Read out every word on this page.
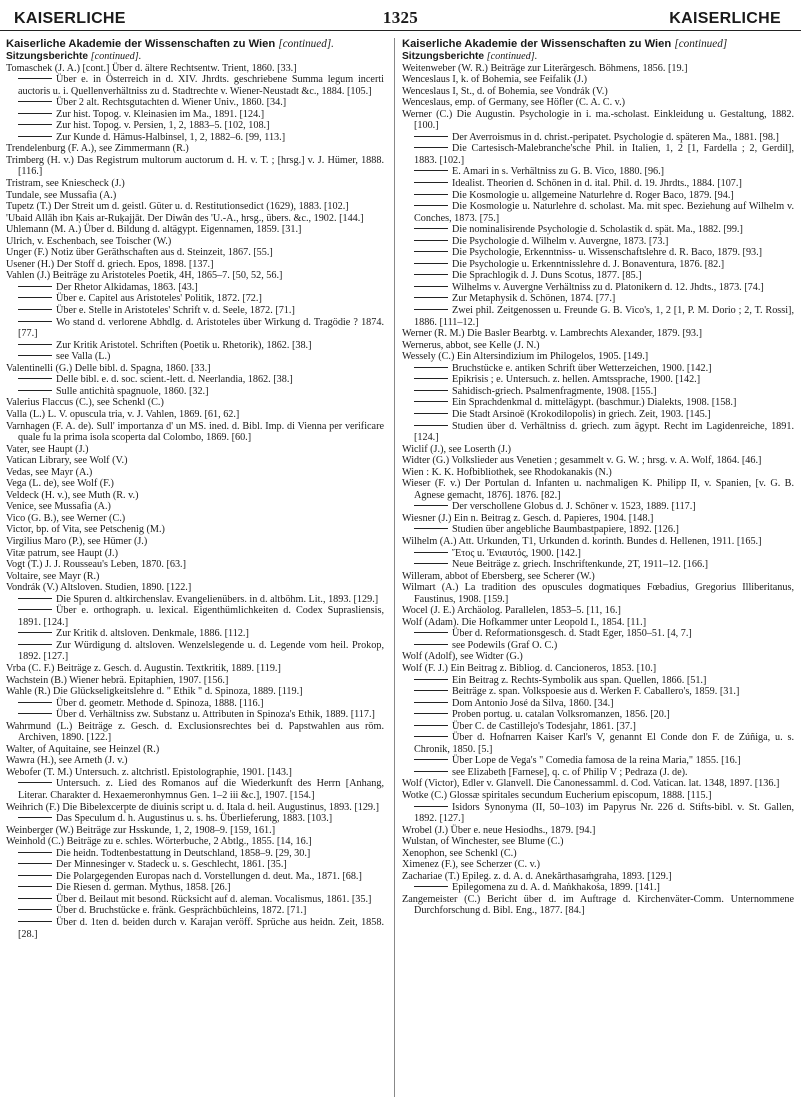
KAISERLICHE	1325	KAISERLICHE
Kaiserliche Akademie der Wissenschaften zu Wien [continued].
Sitzungsberichte [continued].

Tomaschek (J. A.) [cont.] Über d. ältere Rechtsentw. Trient, 1860. [33.]

Über e. in Österreich in d. XIV. Jhrdts. geschriebene Summa legum incerti auctoris u. i. Quellenverhältniss zu d. Stadtrechte v. Wiener-Neustadt &c., 1884. [105.]

Über 2 alt. Rechtsgutachten d. Wiener Univ., 1860. [34.]

Zur hist. Topog. v. Kleinasien im Ma., 1891. [124.]

Zur hist. Topog. v. Persien, 1, 2, 1883–5. [102, 108.]

Zur Kunde d. Hämus-Halbinsel, 1, 2, 1882–6. [99, 113.]

Trendelenburg (F. A.), see Zimmermann (R.)

Trimberg (H. v.) Das Registrum multorum auctorum d. H. v. T. ; [hrsg.] v. J. Hümer, 1888. [116.]

Tristram, see Kniescheck (J.)

Tundale, see Mussafia (A.)

Tupetz (T.) Der Streit um d. geistl. Güter u. d. Restitutionsedict (1629), 1883. [102.]

'Ubaid Allāh ibn Ḳais ar-Ruḳajjāt. Der Diwân des 'U.-A., hrsg., übers. &c., 1902. [144.]

Uhlemann (M. A.) Über d. Bildung d. altägypt. Eigennamen, 1859. [31.]

Ulrich, v. Eschenbach, see Toischer (W.)

Unger (F.) Notiz über Geräthschaften aus d. Steinzeit, 1867. [55.]

Usener (H.) Der Stoff d. griech. Epos, 1898. [137.]

Vahlen (J.) Beiträge zu Aristoteles Poetik, 4H, 1865–7. [50, 52, 56.]

Der Rhetor Alkidamas, 1863. [43.]

Über e. Capitel aus Aristoteles' Politik, 1872. [72.]

Über e. Stelle in Aristoteles' Schrift v. d. Seele, 1872. [71.]

Wo stand d. verlorene Abhdlg. d. Aristoteles über Wirkung d. Tragödie ? 1874. [77.]

Zur Kritik Aristotel. Schriften (Poetik u. Rhetorik), 1862. [38.]

see Valla (L.)

Valentinelli (G.) Delle bibl. d. Spagna, 1860. [33.]

Delle bibl. e. d. soc. scient.-lett. d. Neerlandia, 1862. [38.]

Sulle antichità spagnuole, 1860. [32.]

Valerius Flaccus (C.), see Schenkl (C.)

Valla (L.) L. V. opuscula tria, v. J. Vahlen, 1869. [61, 62.]

Varnhagen (F. A. de). Sull' importanza d' un MS. ined. d. Bibl. Imp. di Vienna per verificare quale fu la prima isola scoperta dal Colombo, 1869. [60.]

Vater, see Haupt (J.)

Vatican Library, see Wolf (V.)

Vedas, see Mayr (A.)

Vega (L. de), see Wolf (F.)

Veldeck (H. v.), see Muth (R. v.)

Venice, see Mussafia (A.)

Vico (G. B.), see Werner (C.)

Victor, bp. of Vita, see Petschenig (M.)

Virgilius Maro (P.), see Hümer (J.)

Vitæ patrum, see Haupt (J.)

Vogt (T.) J. J. Rousseau's Leben, 1870. [63.]

Voltaire, see Mayr (R.)

Vondrák (V.) Altsloven. Studien, 1890. [122.]

Die Spuren d. altkirchenslav. Evangelienübers. in d. altböhm. Lit., 1893. [129.]

Über e. orthograph. u. lexical. Eigenthümlichkeiten d. Codex Suprasliensis, 1891. [124.]

Zur Kritik d. altsloven. Denkmale, 1886. [112.]

Zur Würdigung d. altsloven. Wenzelslegende u. d. Legende vom heil. Prokop, 1892. [127.]

Vrba (C. F.) Beiträge z. Gesch. d. Augustin. Textkritik, 1889. [119.]

Wachstein (B.) Wiener hebrä. Epitaphien, 1907. [156.]

Wahle (R.) Die Glückseligkeitslehre d. " Ethik " d. Spinoza, 1889. [119.]

Über d. geometr. Methode d. Spinoza, 1888. [116.]

Über d. Verhältniss zw. Substanz u. Attributen in Spinoza's Ethik, 1889. [117.]

Wahrmund (L.) Beiträge z. Gesch. d. Exclusionsrechtes bei d. Papstwahlen aus röm. Archiven, 1890. [122.]

Walter, of Aquitaine, see Heinzel (R.)

Wawra (H.), see Arneth (J. v.)

Webofer (T. M.) Untersuch. z. altchristl. Epistolographie, 1901. [143.]

Untersuch. z. Lied des Romanos auf die Wiederkunft des Herrn [Anhang, Literar. Charakter d. Hexaemeronhymnus Gen. 1–2 iii &c.], 1907. [154.]

Weihrich (F.) Die Bibelexcerpte de diuinis script u. d. Itala d. heil. Augustinus, 1893. [129.]

Das Speculum d. h. Augustinus u. s. hs. Überlieferung, 1883. [103.]

Weinberger (W.) Beiträge zur Hsskunde, 1, 2, 1908–9. [159, 161.]

Weinhold (C.) Beiträge zu e. schles. Wörterbuche, 2 Abtlg., 1855. [14, 16.]

Die heidn. Todtenbestattung in Deutschland, 1858–9. [29, 30.]

Der Minnesinger v. Stadeck u. s. Geschlecht, 1861. [35.]

Die Polargegenden Europas nach d. Vorstellungen d. deut. Ma., 1871. [68.]

Die Riesen d. german. Mythus, 1858. [26.]

Über d. Beilaut mit besond. Rücksicht auf d. aleman. Vocalismus, 1861. [35.]

Über d. Bruchstücke e. fränk. Gesprächbüchleins, 1872. [71.]

Über d. 1ten d. beiden durch v. Karajan veröff. Sprüche aus heidn. Zeit, 1858. [28.]

Kaiserliche Akademie der Wissenschaften zu Wien [continued]
Sitzungsberichte [continued].

Weitenweber (W. R.) Beiträge zur Literärgesch. Böhmens, 1856. [19.]

Wenceslaus I, k. of Bohemia, see Feifalik (J.)

Wenceslaus I, St., d. of Bohemia, see Vondrák (V.)

Wenceslaus, emp. of Germany, see Höfler (C. A. C. v.)

Werner (C.) Die Augustin. Psychologie in i. ma.-scholast. Einkleidung u. Gestaltung, 1882. [100.]

Der Averroismus in d. christ.-peripatet. Psychologie d. späteren Ma., 1881. [98.]

Die Cartesisch-Malebranche'sche Phil. in Italien, 1, 2 [1, Fardella ; 2, Gerdil], 1883. [102.]

E. Amari in s. Verhältniss zu G. B. Vico, 1880. [96.]

Idealist. Theorien d. Schönen in d. ital. Phil. d. 19. Jhrdts., 1884. [107.]

Die Kosmologie u. allgemeine Naturlehre d. Roger Baco, 1879. [94.]

Die Kosmologie u. Naturlehre d. scholast. Ma. mit spec. Beziehung auf Wilhelm v. Conches, 1873. [75.]

Die nominalisirende Psychologie d. Scholastik d. spät. Ma., 1882. [99.]

Die Psychologie d. Wilhelm v. Auvergne, 1873. [73.]

Die Psychologie, Erkenntniss- u. Wissenschaftslehre d. R. Baco, 1879. [93.]

Die Psychologie u. Erkenntnisslehre d. J. Bonaventura, 1876. [82.]

Die Sprachlogik d. J. Duns Scotus, 1877. [85.]

Wilhelms v. Auvergne Verhältniss zu d. Platonikern d. 12. Jhdts., 1873. [74.]

Zur Metaphysik d. Schönen, 1874. [77.]

Zwei phil. Zeitgenossen u. Freunde G. B. Vico's, 1, 2 [1, P. M. Dorio ; 2, T. Rossi], 1886. [111–12.]

Werner (R. M.) Die Basler Bearbtg. v. Lambrechts Alexander, 1879. [93.]

Wernerus, abbot, see Kelle (J. N.)

Wessely (C.) Ein Altersindizium im Philogelos, 1905. [149.]

Bruchstücke e. antiken Schrift über Wetterzeichen, 1900. [142.]

Epikrisis ; e. Untersuch. z. hellen. Amtssprache, 1900. [142.]

Sahidisch-griech. Psalmenfragmente, 1908. [155.]

Ein Sprachdenkmal d. mittelägypt. (baschmur.) Dialekts, 1908. [158.]

Die Stadt Arsinoë (Krokodilopolis) in griech. Zeit, 1903. [145.]

Studien über d. Verhältniss d. griech. zum ägypt. Recht im Lagidenreiche, 1891. [124.]

Wiclif (J.), see Loserth (J.)

Widter (G.) Volkslieder aus Venetien ; gesammelt v. G. W. ; hrsg. v. A. Wolf, 1864. [46.]

Wien : K. K. Hofbibliothek, see Rhodokanakis (N.)

Wieser (F. v.) Der Portulan d. Infanten u. nachmaligen K. Philipp II, v. Spanien, [v. G. B. Agnese gemacht, 1876]. 1876. [82.]

Der verschollene Globus d. J. Schöner v. 1523, 1889. [117.]

Wiesner (J.) Ein n. Beitrag z. Gesch. d. Papieres, 1904. [148.]

Studien über angebliche Baumbastpapiere, 1892. [126.]

Wilhelm (A.) Att. Urkunden, T1, Urkunden d. korinth. Bundes d. Hellenen, 1911. [165.]

Ἔτος u. Ἐνιαυτός, 1900. [142.]

Neue Beiträge z. griech. Inschriftenkunde, 2T, 1911–12. [166.]

Willeram, abbot of Ebersberg, see Scherer (W.)

Wilmart (A.) La tradition des opuscules dogmatiques Fœbadius, Gregorius Illiberitanus, Faustinus, 1908. [159.]

Wocel (J. E.) Archäolog. Parallelen, 1853–5. [11, 16.]

Wolf (Adam). Die Hofkammer unter Leopold I., 1854. [11.]

Über d. Reformationsgesch. d. Stadt Eger, 1850–51. [4, 7.]

see Podewils (Graf O. C.)

Wolf (Adolf), see Widter (G.)

Wolf (F. J.) Ein Beitrag z. Bibliog. d. Cancioneros, 1853. [10.]

Ein Beitrag z. Rechts-Symbolik aus span. Quellen, 1866. [51.]

Beiträge z. span. Volkspoesie aus d. Werken F. Caballero's, 1859. [31.]

Dom Antonio José da Silva, 1860. [34.]

Proben portug. u. catalan Volksromanzen, 1856. [20.]

Über C. de Castillejo's Todesjahr, 1861. [37.]

Über d. Hofnarren Kaiser Karl's V, genannt El Conde don F. de Zúñiga, u. s. Chronik, 1850. [5.]

Über Lope de Vega's " Comedia famosa de la reina Maria," 1855. [16.]

see Elizabeth [Farnese], q. c. of Philip V ; Pedraza (J. de).

Wolf (Victor), Edler v. Glanvell. Die Canonessamml. d. Cod. Vatican. lat. 1348, 1897. [136.]

Wotke (C.) Glossæ spiritales secundum Eucherium episcopum, 1888. [115.]

Isidors Synonyma (II, 50–103) im Papyrus Nr. 226 d. Stifts-bibl. v. St. Gallen, 1892. [127.]

Wrobel (J.) Über e. neue Hesiodhs., 1879. [94.]

Wulstan, of Winchester, see Blume (C.)

Xenophon, see Schenkl (C.)

Ximenez (F.), see Scherzer (C. v.)

Zachariae (T.) Epileg. z. d. A. d. Anekârthasaṁgraha, 1893. [129.]

Epilegomena zu d. A. d. Maṅkhakoṡa, 1899. [141.]

Zangemeister (C.) Bericht über d. im Auftrage d. Kirchenväter-Comm. Unternommene Durchforschung d. Bibl. Eng., 1877. [84.]
